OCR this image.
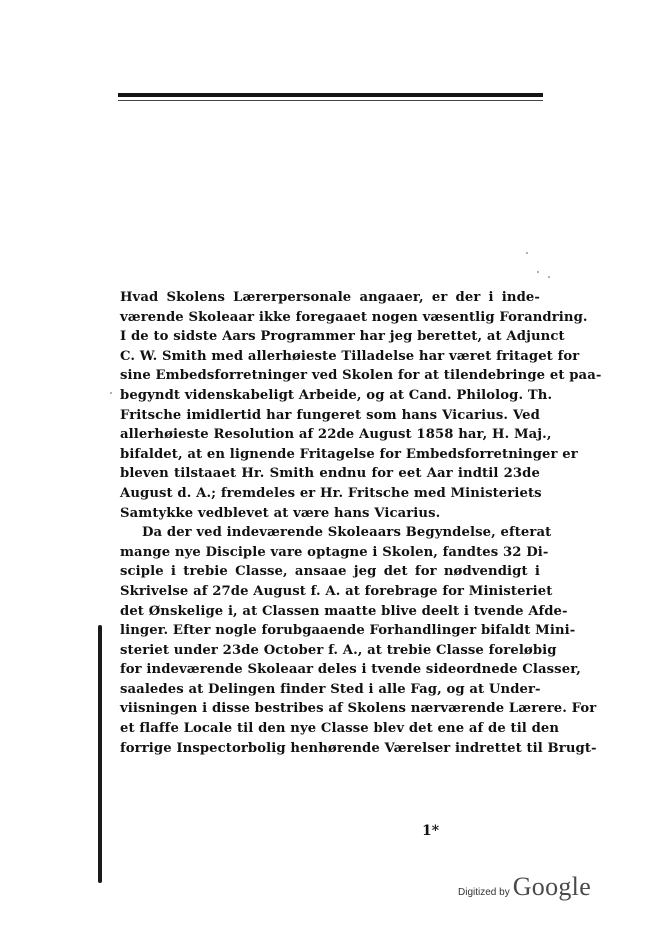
Hvad Skolens Lærerpersonale angaaer, er der i inde-
værende Skoleaar ikke foregaaet nogen væsentlig Forandring.
I de to sidste Aars Programmer har jeg berettet, at Adjunct
C. W. Smith med allerhøieste Tilladelse har været fritaget for
sine Embedsforretninger ved Skolen for at tilendebringe et paa-
begyndt videnskabeligt Arbeide, og at Cand. Philolog. Th.
Fritsche imidlertid har fungeret som hans Vicarius. Ved
allerhøieste Resolution af 22de August 1858 har, H. Maj.,
bifaldet, at en lignende Fritagelse for Embedsforretninger er
bleven tilstaaet Hr. Smith endnu for eet Aar indtil 23de
August d. A.; fremdeles er Hr. Fritsche med Ministeriets
Samtykke vedblevet at være hans Vicarius.
Da der ved indeværende Skoleaars Begyndelse, efterat
mange nye Disciple vare optagne i Skolen, fandtes 32 Di-
sciple i trebie Classe, ansaae jeg det for nødvendigt i
Skrivelse af 27de August f. A. at forebrage for Ministeriet
det Ønskelige i, at Classen maatte blive deelt i tvende Afde-
linger. Efter nogle forubgaaende Forhandlinger bifaldt Mini-
steriet under 23de October f. A., at trebie Classe foreløbig
for indeværende Skoleaar deles i tvende sideordnede Classer,
saaledes at Delingen finder Sted i alle Fag, og at Under-
viisningen i disse bestribes af Skolens nærværende Lærere. For
et flaffe Locale til den nye Classe blev det ene af de til den
forrige Inspectorbolig henhørende Værelser indrettet til Brugt-
1*
Digitized by Google
